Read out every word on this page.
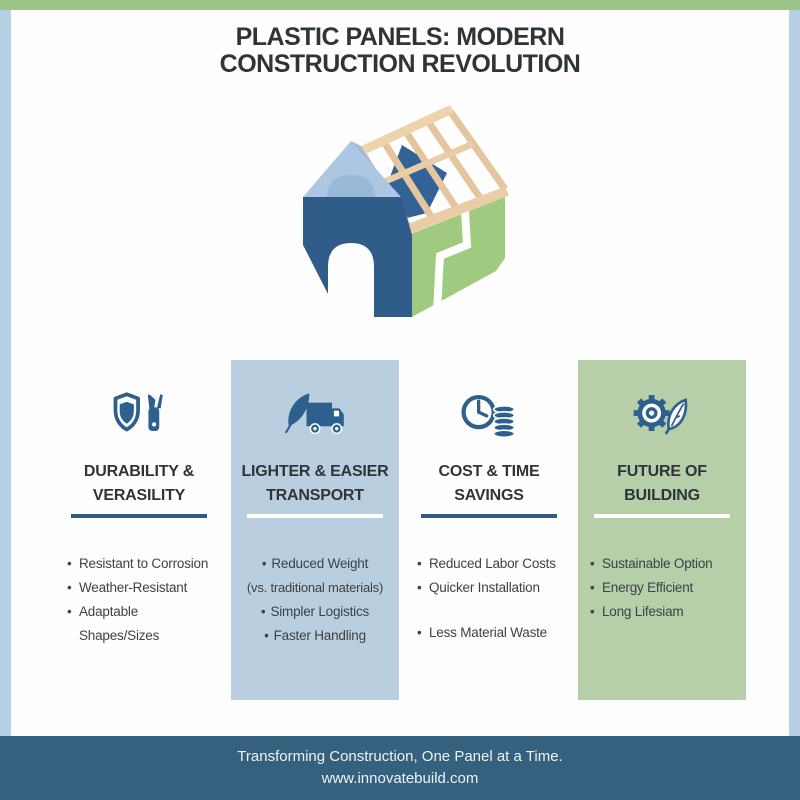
PLASTIC PANELS: MODERN
CONSTRUCTION REVOLUTION
DURABILITY &
VERASILITY
• Resistant to Corrosion
• Weather-Resistant
• Adaptable Shapes/Sizes
LIGHTER & EASIER
TRANSPORT
• Reduced Weight
(vs. traditional materials)
• Simpler Logistics
• Faster Handling
COST & TIME
SAVINGS
• Reduced Labor Costs
• Quicker Installation
• Less Material Waste
FUTURE OF
BUILDING
• Sustainable Option
• Energy Efficient
• Long Lifesiam

Transforming Construction, One Panel at a Time.

www.innovatebuild.com
